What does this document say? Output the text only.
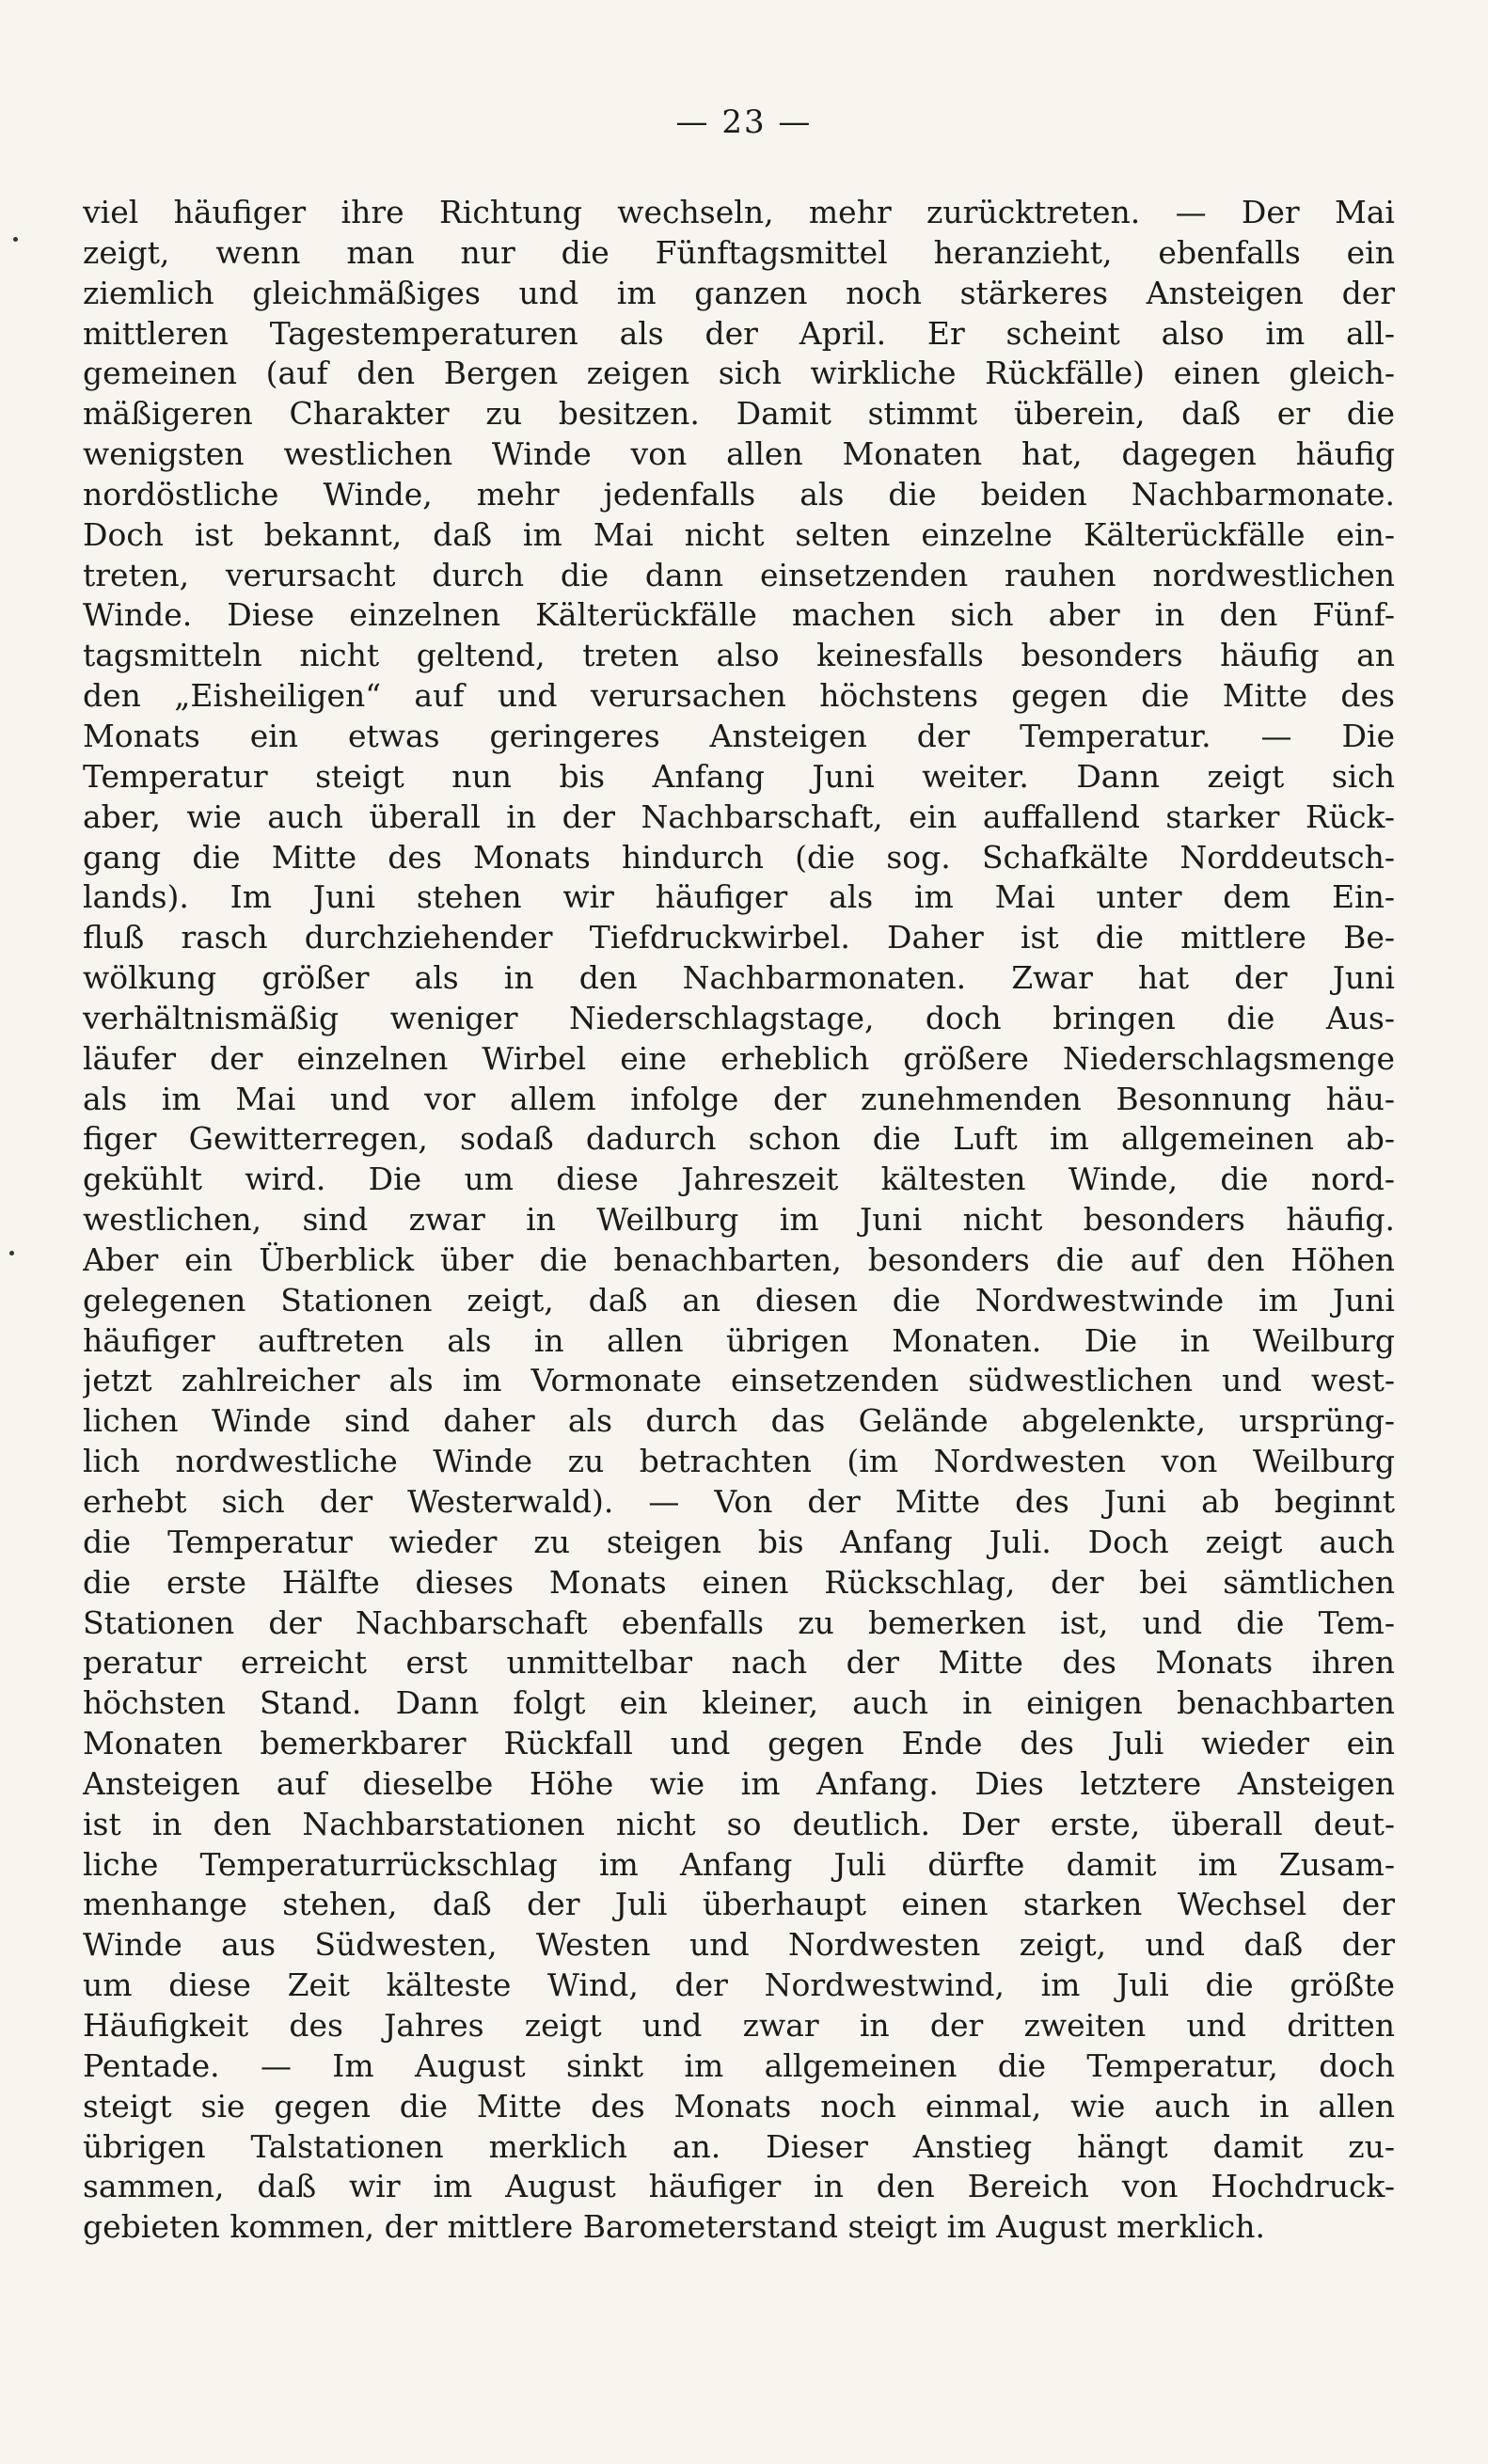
— 23 —
viel häufiger ihre Richtung wechseln, mehr zurücktreten. — Der Mai
zeigt, wenn man nur die Fünftagsmittel heranzieht, ebenfalls ein
ziemlich gleichmäßiges und im ganzen noch stärkeres Ansteigen der
mittleren Tagestemperaturen als der April. Er scheint also im all-
gemeinen (auf den Bergen zeigen sich wirkliche Rückfälle) einen gleich-
mäßigeren Charakter zu besitzen. Damit stimmt überein, daß er die
wenigsten westlichen Winde von allen Monaten hat, dagegen häufig
nordöstliche Winde, mehr jedenfalls als die beiden Nachbarmonate.
Doch ist bekannt, daß im Mai nicht selten einzelne Kälterückfälle ein-
treten, verursacht durch die dann einsetzenden rauhen nordwestlichen
Winde. Diese einzelnen Kälterückfälle machen sich aber in den Fünf-
tagsmitteln nicht geltend, treten also keinesfalls besonders häufig an
den „Eisheiligen“ auf und verursachen höchstens gegen die Mitte des
Monats ein etwas geringeres Ansteigen der Temperatur. — Die
Temperatur steigt nun bis Anfang Juni weiter. Dann zeigt sich
aber, wie auch überall in der Nachbarschaft, ein auffallend starker Rück-
gang die Mitte des Monats hindurch (die sog. Schafkälte Norddeutsch-
lands). Im Juni stehen wir häufiger als im Mai unter dem Ein-
fluß rasch durchziehender Tiefdruckwirbel. Daher ist die mittlere Be-
wölkung größer als in den Nachbarmonaten. Zwar hat der Juni
verhältnismäßig weniger Niederschlagstage, doch bringen die Aus-
läufer der einzelnen Wirbel eine erheblich größere Niederschlagsmenge
als im Mai und vor allem infolge der zunehmenden Besonnung häu-
figer Gewitterregen, sodaß dadurch schon die Luft im allgemeinen ab-
gekühlt wird. Die um diese Jahreszeit kältesten Winde, die nord-
westlichen, sind zwar in Weilburg im Juni nicht besonders häufig.
Aber ein Überblick über die benachbarten, besonders die auf den Höhen
gelegenen Stationen zeigt, daß an diesen die Nordwestwinde im Juni
häufiger auftreten als in allen übrigen Monaten. Die in Weilburg
jetzt zahlreicher als im Vormonate einsetzenden südwestlichen und west-
lichen Winde sind daher als durch das Gelände abgelenkte, ursprüng-
lich nordwestliche Winde zu betrachten (im Nordwesten von Weilburg
erhebt sich der Westerwald). — Von der Mitte des Juni ab beginnt
die Temperatur wieder zu steigen bis Anfang Juli. Doch zeigt auch
die erste Hälfte dieses Monats einen Rückschlag, der bei sämtlichen
Stationen der Nachbarschaft ebenfalls zu bemerken ist, und die Tem-
peratur erreicht erst unmittelbar nach der Mitte des Monats ihren
höchsten Stand. Dann folgt ein kleiner, auch in einigen benachbarten
Monaten bemerkbarer Rückfall und gegen Ende des Juli wieder ein
Ansteigen auf dieselbe Höhe wie im Anfang. Dies letztere Ansteigen
ist in den Nachbarstationen nicht so deutlich. Der erste, überall deut-
liche Temperaturrückschlag im Anfang Juli dürfte damit im Zusam-
menhange stehen, daß der Juli überhaupt einen starken Wechsel der
Winde aus Südwesten, Westen und Nordwesten zeigt, und daß der
um diese Zeit kälteste Wind, der Nordwestwind, im Juli die größte
Häufigkeit des Jahres zeigt und zwar in der zweiten und dritten
Pentade. — Im August sinkt im allgemeinen die Temperatur, doch
steigt sie gegen die Mitte des Monats noch einmal, wie auch in allen
übrigen Talstationen merklich an. Dieser Anstieg hängt damit zu-
sammen, daß wir im August häufiger in den Bereich von Hochdruck-
gebieten kommen, der mittlere Barometerstand steigt im August merklich.
